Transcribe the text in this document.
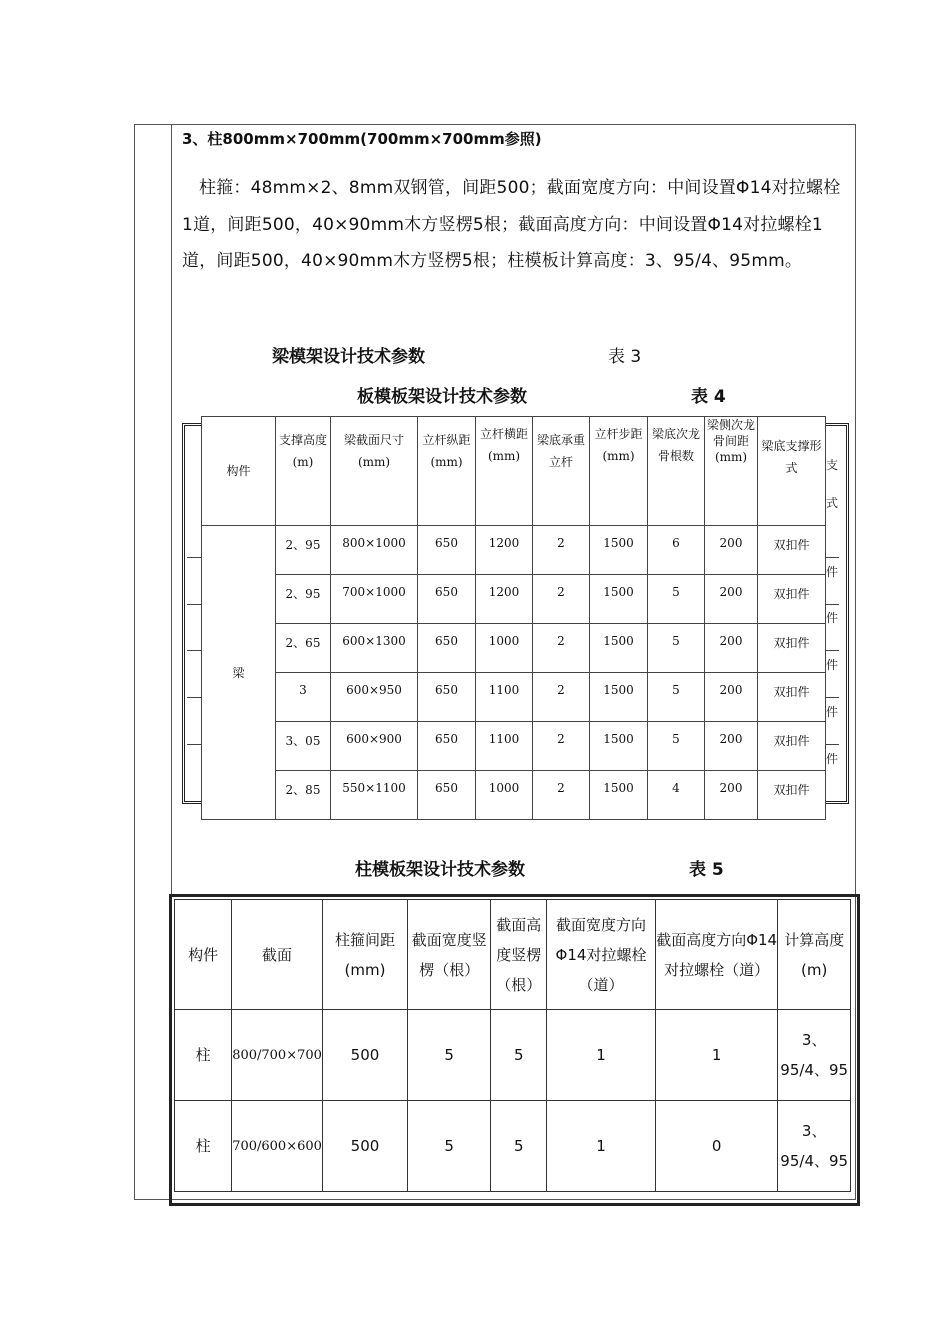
3、柱800mm×700mm(700mm×700mm参照)
柱箍：48mm×2、8mm双钢管，间距500；截面宽度方向：中间设置Φ14对拉螺栓1道，间距500，40×90mm木方竖楞5根；截面高度方向：中间设置Φ14对拉螺栓1道，间距500，40×90mm木方竖楞5根；柱模板计算高度：3、95/4、95mm。
梁模架设计技术参数	表 3
板模板架设计技术参数	表 4
支
式
件
件
件
件
件
构件	支撑高度(m)	梁截面尺寸(mm)	立杆纵距(mm)	立杆横距(mm)	梁底承重立杆	立杆步距(mm)	梁底次龙骨根数	梁侧次龙骨间距(mm)	梁底支撑形式
梁	2、95	800×1000	650	1200	2	1500	6	200	双扣件
	2、95	700×1000	650	1200	2	1500	5	200	双扣件
	2、65	600×1300	650	1000	2	1500	5	200	双扣件
	3	600×950	650	1100	2	1500	5	200	双扣件
	3、05	600×900	650	1100	2	1500	5	200	双扣件
	2、85	550×1100	650	1000	2	1500	4	200	双扣件
柱模板架设计技术参数	表 5
构件	截面	柱箍间距(mm)	截面宽度竖楞（根）	截面高度竖楞（根）	截面宽度方向Φ14对拉螺栓（道）	截面高度方向Φ14对拉螺栓（道）	计算高度(m)
柱	800/700×700	500	5	5	1	1	3、95/4、95
柱	700/600×600	500	5	5	1	0	3、95/4、95
